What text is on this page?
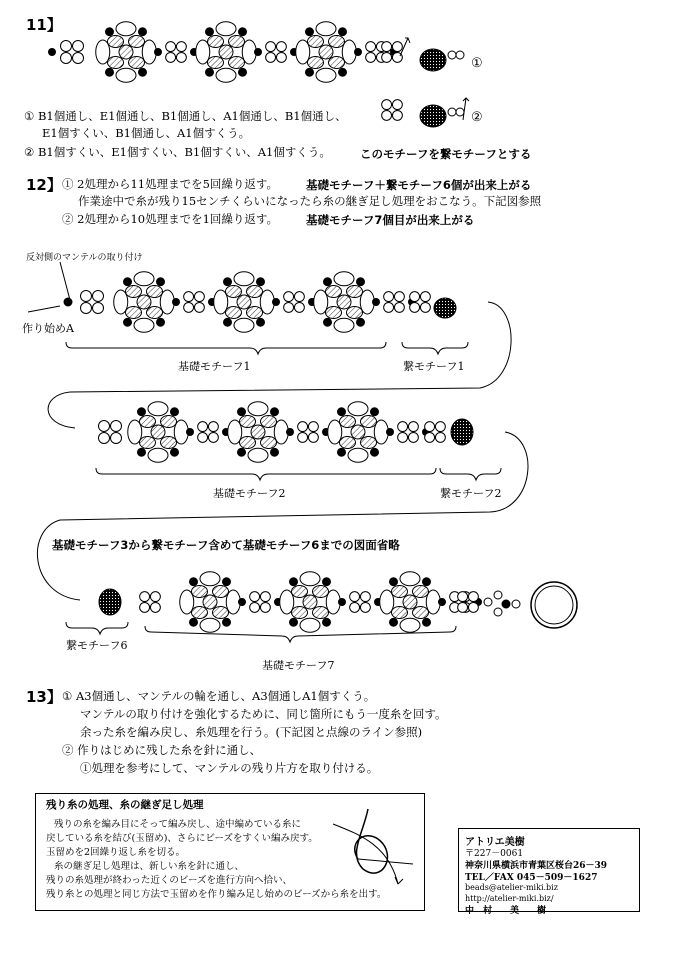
11】
①
②
① B1個通し、E1個通し、B1個通し、A1個通し、B1個通し、
E1個すくい、B1個通し、A1個すくう。
② B1個すくい、E1個すくい、B1個すくい、A1個すくう。	このモチーフを繋モチーフとする
12】 ① 2処理から11処理までを5回繰り返す。 基礎モチーフ＋繋モチーフ6個が出来上がる
作業途中で糸が残り15センチくらいになったら糸の継ぎ足し処理をおこなう。下記図参照
② 2処理から10処理までを1回繰り返す。 基礎モチーフ7個目が出来上がる
反対側のマンテルの取り付け
作り始めA
基礎モチーフ1	繋モチーフ1
基礎モチーフ2	繋モチーフ2
基礎モチーフ3から繋モチーフ含めて基礎モチーフ6までの図面省略
繋モチーフ6
基礎モチーフ7
13】 ① A3個通し、マンテルの輪を通し、A3個通しA1個すくう。
マンテルの取り付けを強化するために、同じ箇所にもう一度糸を回す。
余った糸を編み戻し、糸処理を行う。(下記図と点線のライン参照)
② 作りはじめに残した糸を針に通し、
①処理を参考にして、マンテルの残り片方を取り付ける。
残り糸の処理、糸の継ぎ足し処理
残りの糸を編み目にそって編み戻し、途中編めている糸に
戻している糸を結び(玉留め)、さらにビーズをすくい編み戻す。
玉留めを2回繰り返し糸を切る。
糸の継ぎ足し処理は、新しい糸を針に通し、
残りの糸処理が終わった近くのビーズを進行方向へ拾い、
残り糸との処理と同じ方法で玉留めを作り編み足し始めのビーズから糸を出す。
アトリエ美樹
〒227－0061
神奈川県横浜市青葉区桜台26－39
TEL／FAX 045－509－1627
beads@atelier-miki.biz
http://atelier-miki.biz/
中　村　　美　　樹
